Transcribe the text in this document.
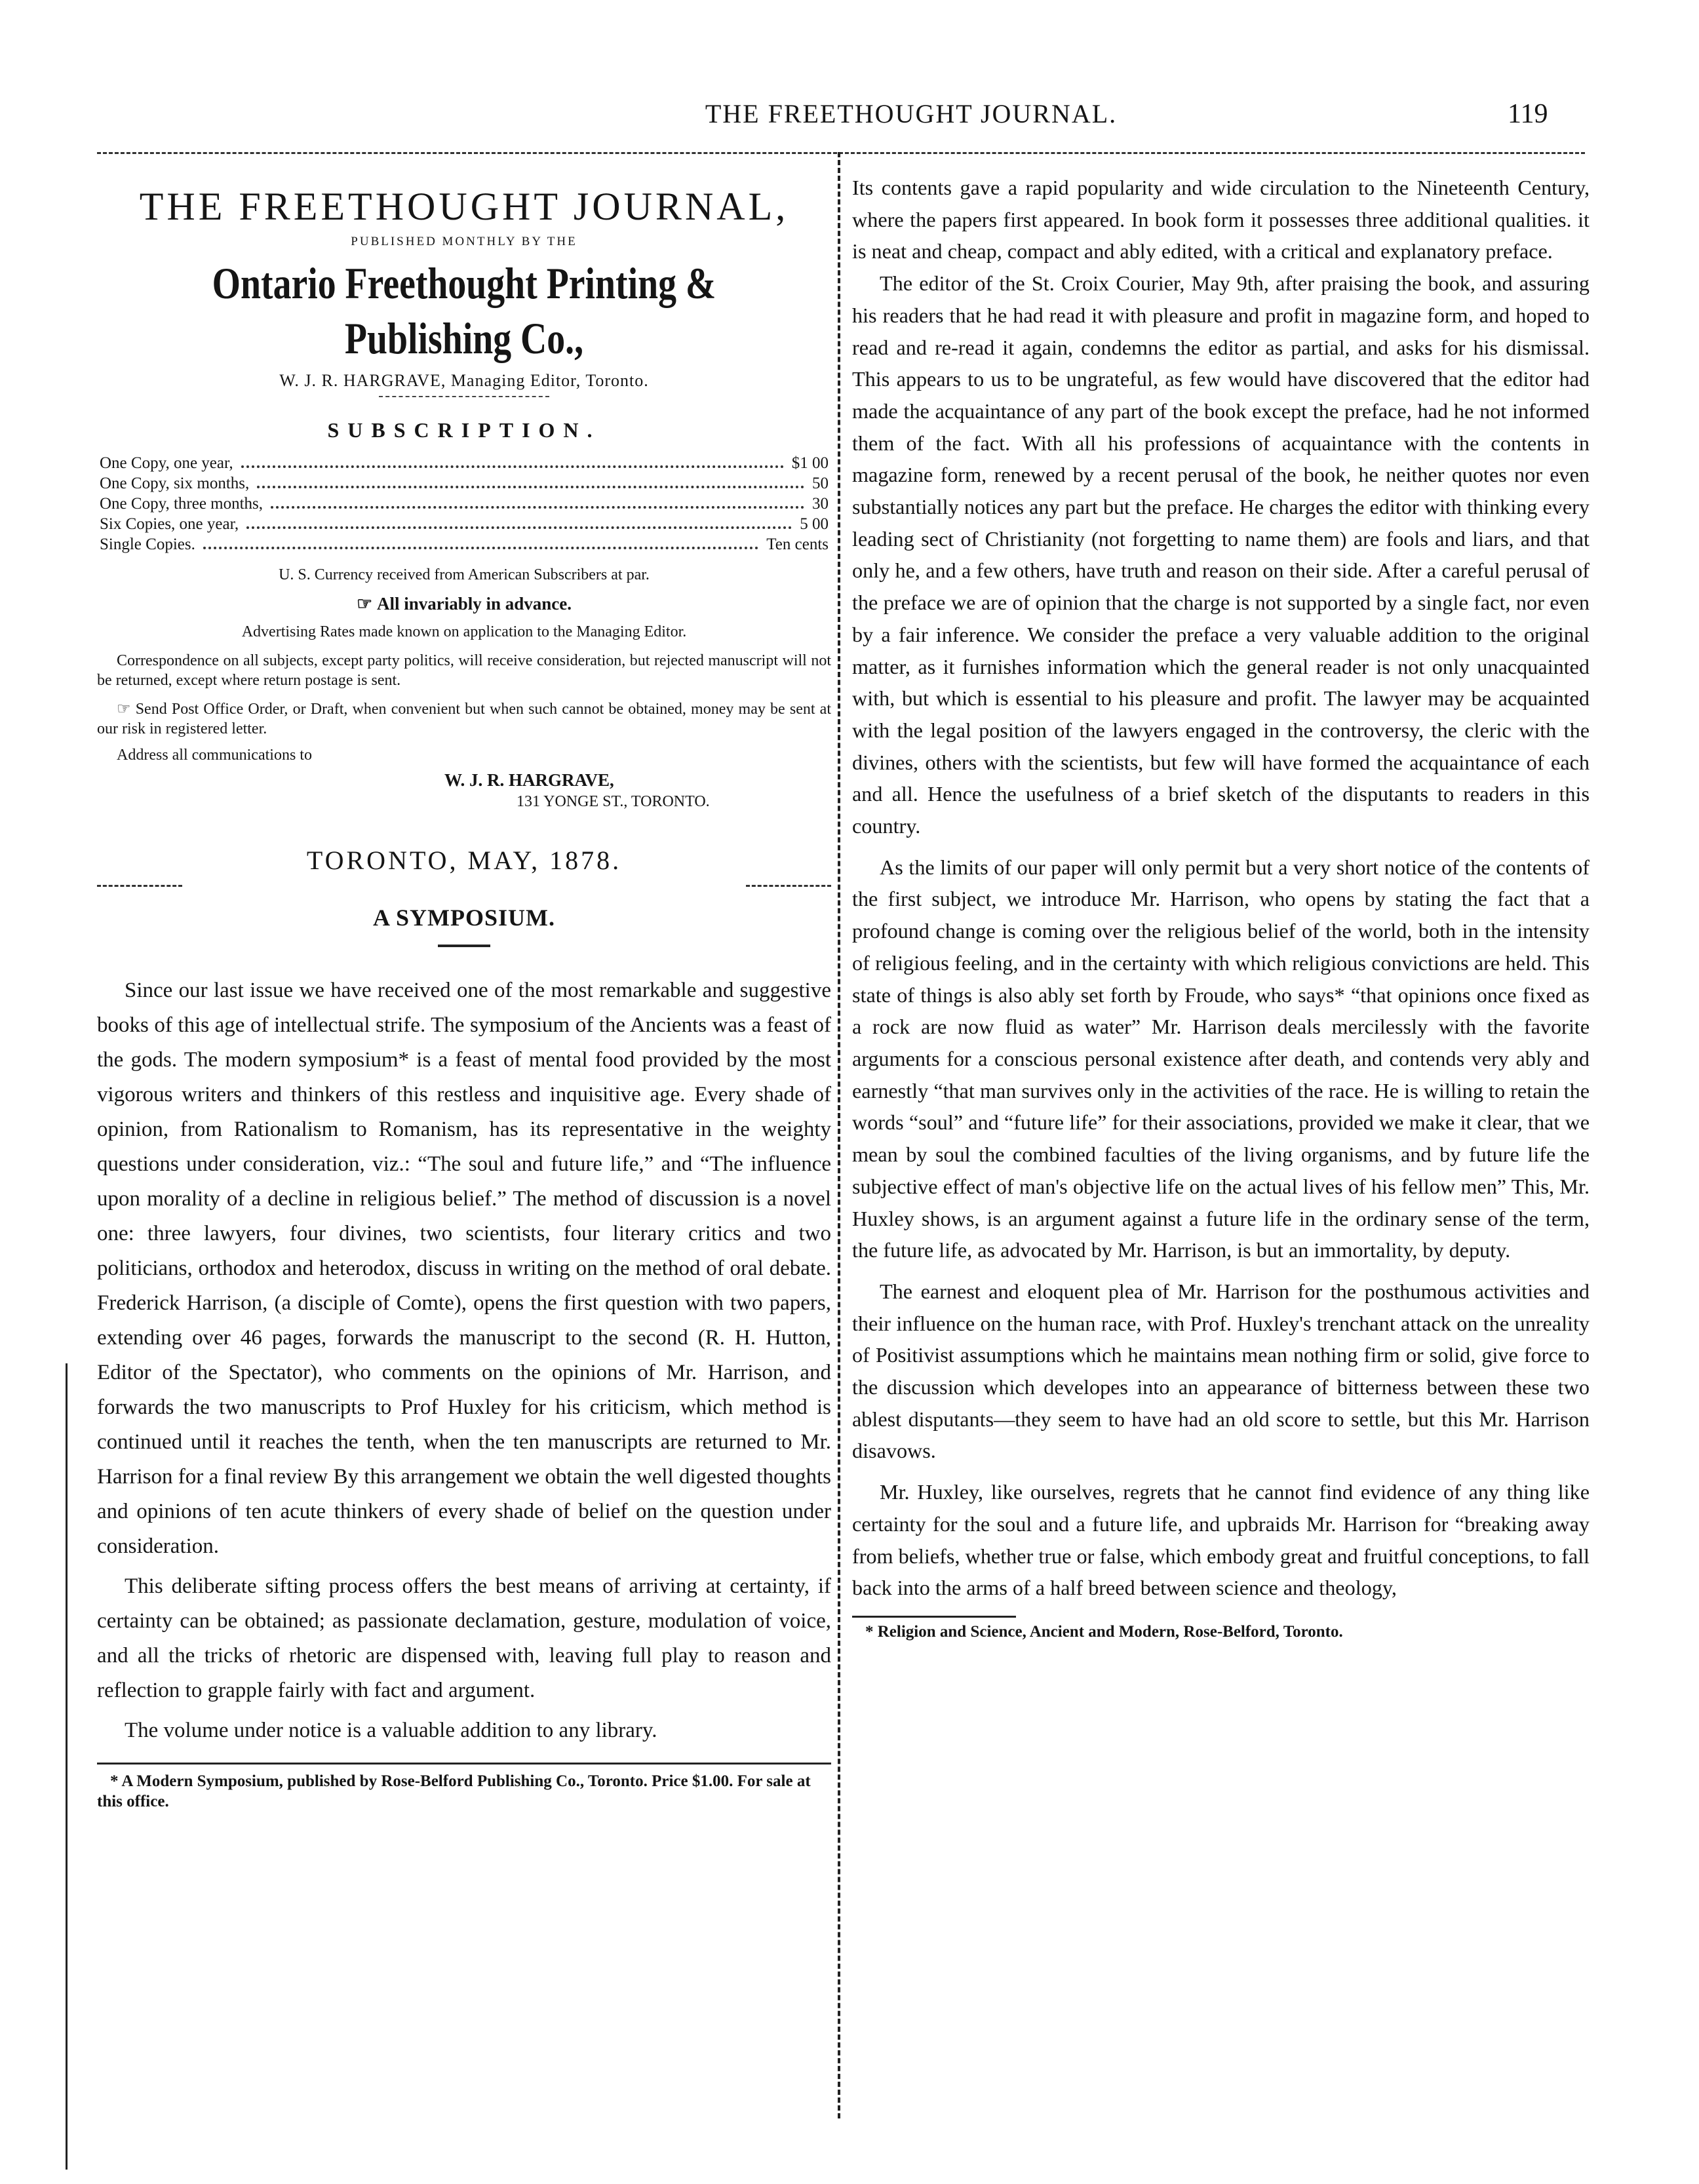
THE FREETHOUGHT JOURNAL.	119
THE FREETHOUGHT JOURNAL,
PUBLISHED MONTHLY BY THE
Ontario Freethought Printing & Publishing Co.,
W. J. R. HARGRAVE, Managing Editor, Toronto.
SUBSCRIPTION.
One Copy, one year,	$1 00
One Copy, six months,	50
One Copy, three months,	30
Six Copies, one year,	5 00
Single Copies.	Ten cents

U. S. Currency received from American Subscribers at par.

☞ All invariably in advance.

Advertising Rates made known on application to the Managing Editor.

Correspondence on all subjects, except party politics, will receive consideration, but rejected manuscript will not be returned, except where return postage is sent.

☞ Send Post Office Order, or Draft, when convenient but when such cannot be obtained, money may be sent at our risk in registered letter.

Address all communications to

W. J. R. HARGRAVE,
131 YONGE ST., TORONTO.
TORONTO, MAY, 1878.
A SYMPOSIUM.

Since our last issue we have received one of the most remarkable and suggestive books of this age of intellectual strife. The symposium of the Ancients was a feast of the gods. The modern symposium* is a feast of mental food provided by the most vigorous writers and thinkers of this restless and inquisitive age. Every shade of opinion, from Rationalism to Romanism, has its representative in the weighty questions under consideration, viz.: “The soul and future life,” and “The influence upon morality of a decline in religious belief.” The method of discussion is a novel one: three lawyers, four divines, two scientists, four literary critics and two politicians, orthodox and heterodox, discuss in writing on the method of oral debate. Frederick Harrison, (a disciple of Comte), opens the first question with two papers, extending over 46 pages, forwards the manuscript to the second (R. H. Hutton, Editor of the Spectator), who comments on the opinions of Mr. Harrison, and forwards the two manuscripts to Prof Huxley for his criticism, which method is continued until it reaches the tenth, when the ten manuscripts are returned to Mr. Harrison for a final review By this arrangement we obtain the well digested thoughts and opinions of ten acute thinkers of every shade of belief on the question under consideration.

This deliberate sifting process offers the best means of arriving at certainty, if certainty can be obtained; as passionate declamation, gesture, modulation of voice, and all the tricks of rhetoric are dispensed with, leaving full play to reason and reflection to grapple fairly with fact and argument.

The volume under notice is a valuable addition to any library.

* A Modern Symposium, published by Rose-Belford Publishing Co., Toronto. Price $1.00. For sale at this office.

Its contents gave a rapid popularity and wide circulation to the Nineteenth Century, where the papers first appeared. In book form it possesses three additional qualities. it is neat and cheap, compact and ably edited, with a critical and explanatory preface.

The editor of the St. Croix Courier, May 9th, after praising the book, and assuring his readers that he had read it with pleasure and profit in magazine form, and hoped to read and re-read it again, condemns the editor as partial, and asks for his dismissal. This appears to us to be ungrateful, as few would have discovered that the editor had made the acquaintance of any part of the book except the preface, had he not informed them of the fact. With all his professions of acquaintance with the contents in magazine form, renewed by a recent perusal of the book, he neither quotes nor even substantially notices any part but the preface. He charges the editor with thinking every leading sect of Christianity (not forgetting to name them) are fools and liars, and that only he, and a few others, have truth and reason on their side. After a careful perusal of the preface we are of opinion that the charge is not supported by a single fact, nor even by a fair inference. We consider the preface a very valuable addition to the original matter, as it furnishes information which the general reader is not only unacquainted with, but which is essential to his pleasure and profit. The lawyer may be acquainted with the legal position of the lawyers engaged in the controversy, the cleric with the divines, others with the scientists, but few will have formed the acquaintance of each and all. Hence the usefulness of a brief sketch of the disputants to readers in this country.

As the limits of our paper will only permit but a very short notice of the contents of the first subject, we introduce Mr. Harrison, who opens by stating the fact that a profound change is coming over the religious belief of the world, both in the intensity of religious feeling, and in the certainty with which religious convictions are held. This state of things is also ably set forth by Froude, who says* “that opinions once fixed as a rock are now fluid as water” Mr. Harrison deals mercilessly with the favorite arguments for a conscious personal existence after death, and contends very ably and earnestly “that man survives only in the activities of the race. He is willing to retain the words “soul” and “future life” for their associations, provided we make it clear, that we mean by soul the combined faculties of the living organisms, and by future life the subjective effect of man's objective life on the actual lives of his fellow men” This, Mr. Huxley shows, is an argument against a future life in the ordinary sense of the term, the future life, as advocated by Mr. Harrison, is but an immortality, by deputy.

The earnest and eloquent plea of Mr. Harrison for the posthumous activities and their influence on the human race, with Prof. Huxley's trenchant attack on the unreality of Positivist assumptions which he maintains mean nothing firm or solid, give force to the discussion which developes into an appearance of bitterness between these two ablest disputants—they seem to have had an old score to settle, but this Mr. Harrison disavows.

Mr. Huxley, like ourselves, regrets that he cannot find evidence of any thing like certainty for the soul and a future life, and upbraids Mr. Harrison for “breaking away from beliefs, whether true or false, which embody great and fruitful conceptions, to fall back into the arms of a half breed between science and theology,

* Religion and Science, Ancient and Modern, Rose-Belford, Toronto.
